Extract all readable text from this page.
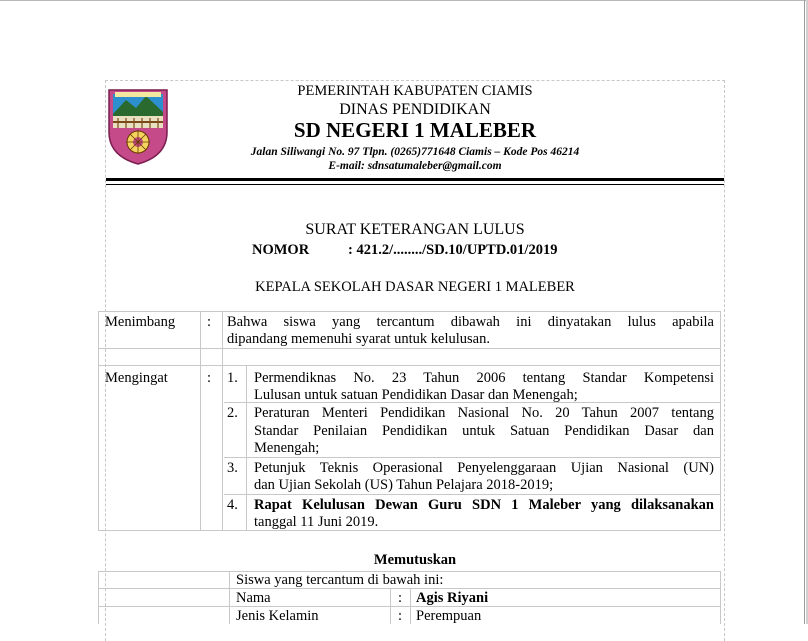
PEMERINTAH KABUPATEN CIAMIS
DINAS PENDIDIKAN
SD NEGERI 1 MALEBER
Jalan Siliwangi No. 97 Tlpn. (0265)771648 Ciamis – Kode Pos 46214
E-mail: sdnsatumaleber@gmail.com
SURAT KETERANGAN LULUS
NOMOR	: 421.2/......../SD.10/UPTD.01/2019
KEPALA SEKOLAH DASAR NEGERI 1 MALEBER
Menimbang : Bahwa siswa yang tercantum dibawah ini dinyatakan lulus apabila
dipandang memenuhi syarat untuk kelulusan.
Mengingat	: 1. Permendiknas No. 23 Tahun 2006 tentang Standar Kompetensi
Lulusan untuk satuan Pendidikan Dasar dan Menengah;
2. Peraturan Menteri Pendidikan Nasional No. 20 Tahun 2007 tentang
Standar Penilaian Pendidikan untuk Satuan Pendidikan Dasar dan
Menengah;
3. Petunjuk Teknis Operasional Penyelenggaraan Ujian Nasional (UN)
dan Ujian Sekolah (US) Tahun Pelajara 2018-2019;
4. Rapat Kelulusan Dewan Guru SDN 1 Maleber yang dilaksanakan
tanggal 11 Juni 2019.
Memutuskan
Siswa yang tercantum di bawah ini:
Nama	: Agis Riyani
Jenis Kelamin	: Perempuan
